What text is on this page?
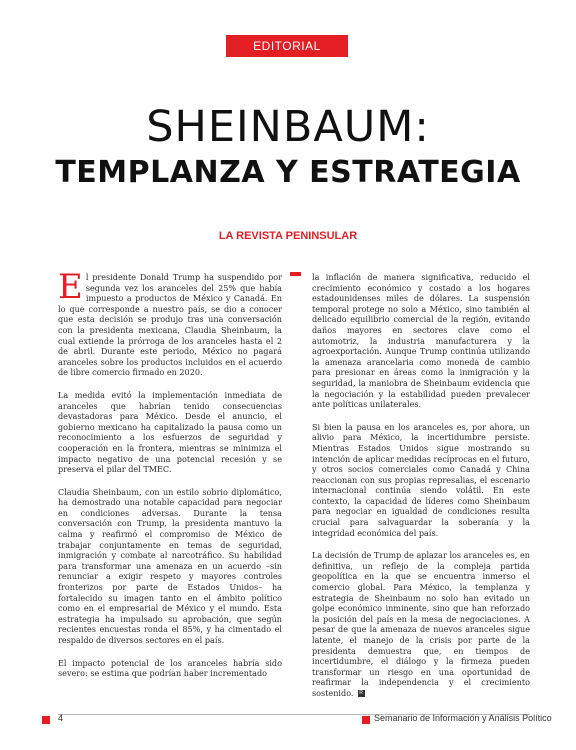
EDITORIAL
SHEINBAUM:
TEMPLANZA Y ESTRATEGIA
LA REVISTA PENINSULAR

El presidente Donald Trump ha suspendido por segunda vez los aranceles del 25% que había impuesto a productos de México y Canadá. En lo que corresponde a nuestro país, se dio a conocer que esta decisión se produjo tras una conversación con la presidenta mexicana, Claudia Sheinbaum, la cual extiende la prórroga de los aranceles hasta el 2 de abril. Durante este periodo, México no pagará aranceles sobre los productos incluidos en el acuerdo de libre comercio firmado en 2020.

La medida evitó la implementación inmediata de aranceles que habrían tenido consecuencias devastadoras para México. Desde el anuncio, el gobierno mexicano ha capitalizado la pausa como un reconocimiento a los esfuerzos de seguridad y cooperación en la frontera, mientras se minimiza el impacto negativo de una potencial recesión y se preserva el pilar del TMEC.

Claudia Sheinbaum, con un estilo sobrio diplomático, ha demostrado una notable capacidad para negociar en condiciones adversas. Durante la tensa conversación con Trump, la presidenta mantuvo la calma y reafirmó el compromiso de México de trabajar conjuntamente en temas de seguridad, inmigración y combate al narcotráfico. Su habilidad para transformar una amenaza en un acuerdo –sin renunciar a exigir respeto y mayores controles fronterizos por parte de Estados Unidos– ha fortalecido su imagen tanto en el ámbito político como en el empresarial de México y el mundo. Esta estrategia ha impulsado su aprobación, que según recientes encuestas ronda el 85%, y ha cimentado el respaldo de diversos sectores en el país.

El impacto potencial de los aranceles habría sido severo: se estima que podrían haber incrementado

la inflación de manera significativa, reducido el crecimiento económico y costado a los hogares estadounidenses miles de dólares. La suspensión temporal protege no solo a México, sino también al delicado equilibrio comercial de la región, evitando daños mayores en sectores clave como el automotriz, la industria manufacturera y la agroexportación. Aunque Trump continúa utilizando la amenaza arancelaria como moneda de cambio para presionar en áreas como la inmigración y la seguridad, la maniobra de Sheinbaum evidencia que la negociación y la estabilidad pueden prevalecer ante políticas unilaterales.

Si bien la pausa en los aranceles es, por ahora, un alivio para México, la incertidumbre persiste. Mientras Estados Unidos sigue mostrando su intención de aplicar medidas recíprocas en el futuro, y otros socios comerciales como Canadá y China reaccionan con sus propias represalias, el escenario internacional continúa siendo volátil. En este contexto, la capacidad de líderes como Sheinbaum para negociar en igualdad de condiciones resulta crucial para salvaguardar la soberanía y la integridad económica del país.

La decisión de Trump de aplazar los aranceles es, en definitiva, un reflejo de la compleja partida geopolítica en la que se encuentra inmerso el comercio global. Para México, la templanza y estrategia de Sheinbaum no solo han evitado un golpe económico inminente, sino que han reforzado la posición del país en la mesa de negociaciones. A pesar de que la amenaza de nuevos aranceles sigue latente, el manejo de la crisis por parte de la presidenta demuestra que, en tiempos de incertidumbre, el diálogo y la firmeza pueden transformar un riesgo en una oportunidad de reafirmar la independencia y el crecimiento sostenido. R

4	Semanario de Información y Análisis Político
